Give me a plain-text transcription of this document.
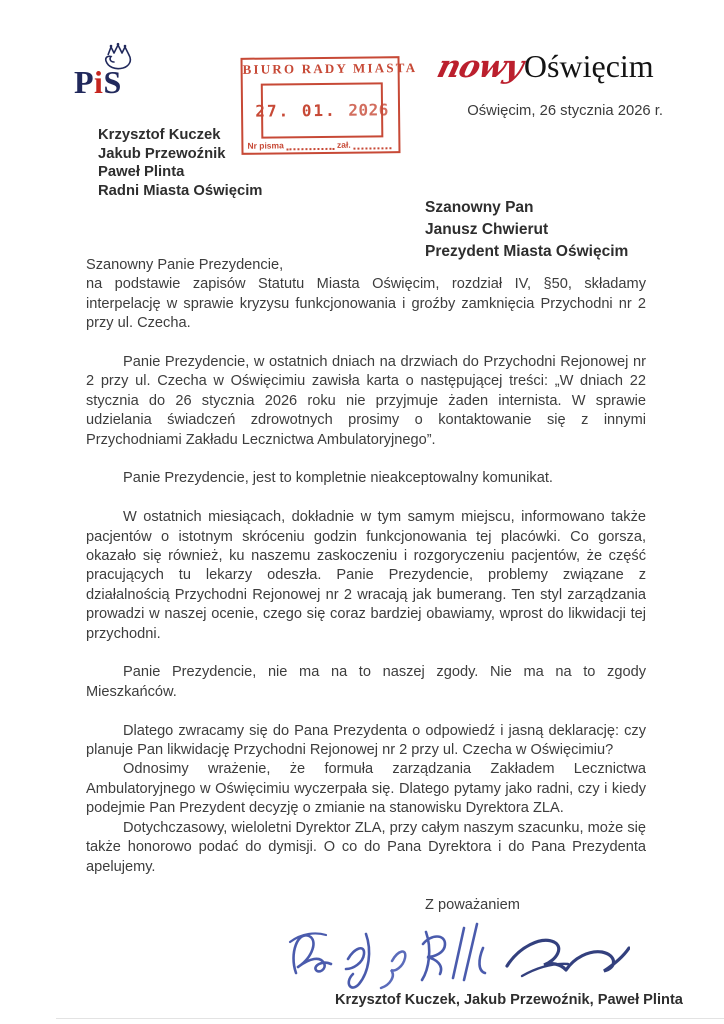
PiS	BIURO RADY MIASTA
27. 01. 2026
Nr pisma	zał.
nowyOświęcim
Oświęcim, 26 stycznia 2026 r.
Krzysztof Kuczek
Jakub Przewoźnik
Paweł Plinta
Radni Miasta Oświęcim
Szanowny Pan
Janusz Chwierut
Prezydent Miasta Oświęcim

Szanowny Panie Prezydencie,

na podstawie zapisów Statutu Miasta Oświęcim, rozdział IV, §50, składamy interpelację w sprawie kryzysu funkcjonowania i groźby zamknięcia Przychodni nr 2 przy ul. Czecha.

Panie Prezydencie, w ostatnich dniach na drzwiach do Przychodni Rejonowej nr 2 przy ul. Czecha w Oświęcimiu zawisła karta o następującej treści: „W dniach 22 stycznia do 26 stycznia 2026 roku nie przyjmuje żaden internista. W sprawie udzielania świadczeń zdrowotnych prosimy o kontaktowanie się z innymi Przychodniami Zakładu Lecznictwa Ambulatoryjnego”.

Panie Prezydencie, jest to kompletnie nieakceptowalny komunikat.

W ostatnich miesiącach, dokładnie w tym samym miejscu, informowano także pacjentów o istotnym skróceniu godzin funkcjonowania tej placówki. Co gorsza, okazało się również, ku naszemu zaskoczeniu i rozgoryczeniu pacjentów, że część pracujących tu lekarzy odeszła. Panie Prezydencie, problemy związane z działalnością Przychodni Rejonowej nr 2 wracają jak bumerang. Ten styl zarządzania prowadzi w naszej ocenie, czego się coraz bardziej obawiamy, wprost do likwidacji tej przychodni.

Panie Prezydencie, nie ma na to naszej zgody. Nie ma na to zgody Mieszkańców.

Dlatego zwracamy się do Pana Prezydenta o odpowiedź i jasną deklarację: czy planuje Pan likwidację Przychodni Rejonowej nr 2 przy ul. Czecha w Oświęcimiu?

Odnosimy wrażenie, że formuła zarządzania Zakładem Lecznictwa Ambulatoryjnego w Oświęcimiu wyczerpała się. Dlatego pytamy jako radni, czy i kiedy podejmie Pan Prezydent decyzję o zmianie na stanowisku Dyrektora ZLA.

Dotychczasowy, wieloletni Dyrektor ZLA, przy całym naszym szacunku, może się także honorowo podać do dymisji. O co do Pana Dyrektora i do Pana Prezydenta apelujemy.

Z poważaniem
Krzysztof Kuczek, Jakub Przewoźnik, Paweł Plinta
